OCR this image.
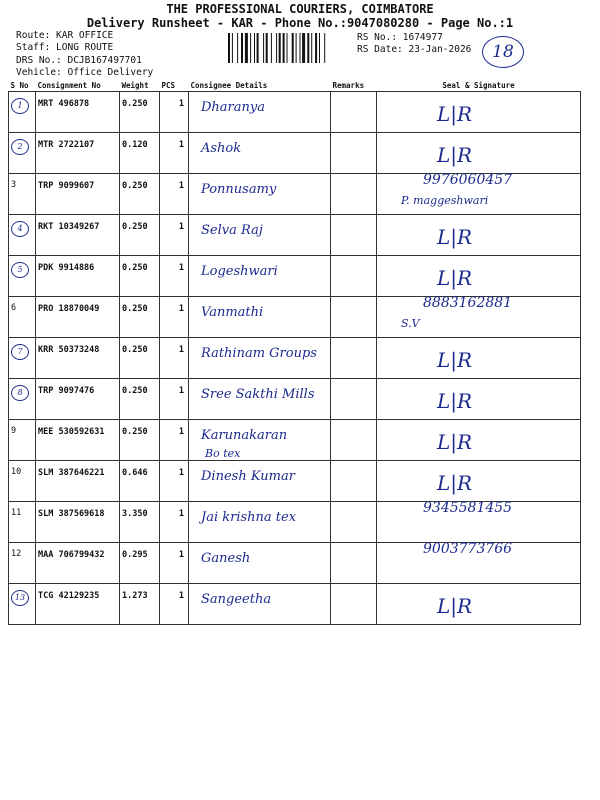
THE PROFESSIONAL COURIERS, COIMBATORE
Delivery Runsheet - KAR - Phone No.:9047080280 - Page No.:1
Route: KAR OFFICE
Staff: LONG ROUTE
DRS No.: DCJB167497701
Vehicle: Office Delivery
RS No.: 1674977
RS Date: 23-Jan-2026	18
S No	Consignment No	Weight	PCS	Consignee Details	Remarks	Seal & Signature

1	MRT 496878	0.250	1	Dharanya		L|R

2	MTR 2722107	0.120	1	Ashok		L|R

3	TRP 9099607	0.250	1	Ponnusamy		9976060457
P. maggeshwari

4	RKT 10349267	0.250	1	Selva Raj		L|R

5	PDK 9914886	0.250	1	Logeshwari		L|R

6	PRO 18870049	0.250	1	Vanmathi		8883162881
S.V

7	KRR 50373248	0.250	1	Rathinam Groups		L|R

8	TRP 9097476	0.250	1	Sree Sakthi Mills		L|R

9	MEE 530592631	0.250	1	Karunakaran
Bo tex		L|R

10	SLM 387646221	0.646	1	Dinesh Kumar		L|R

11	SLM 387569618	3.350	1	Jai krishna tex		9345581455

12	MAA 706799432	0.295	1	Ganesh		9003773766

13	TCG 42129235	1.273	1	Sangeetha		L|R
